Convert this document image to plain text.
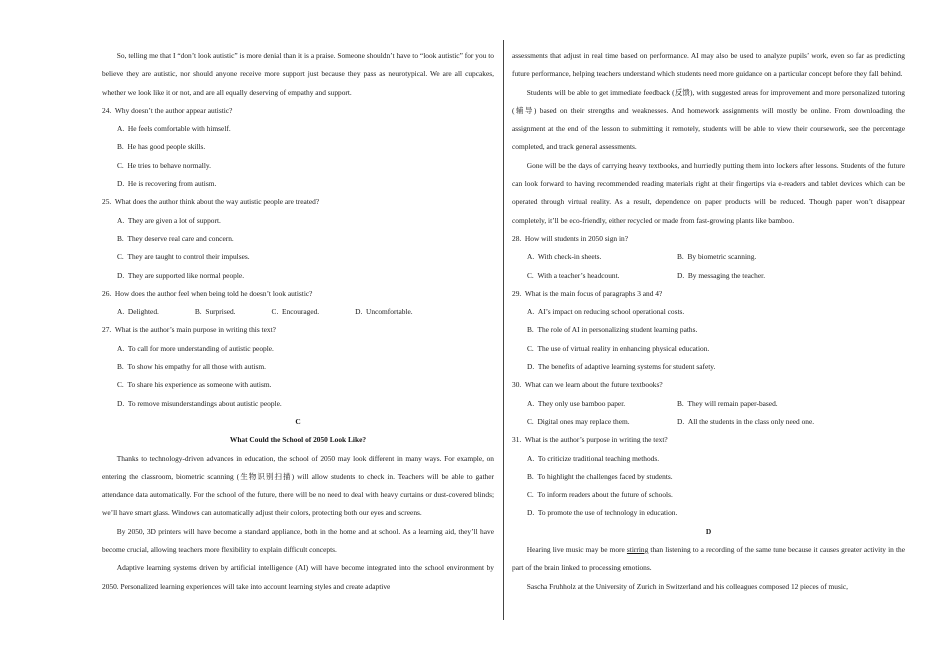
So, telling me that I “don’t look autistic” is more denial than it is a praise. Someone shouldn’t have to “look autistic” for you to believe they are autistic, nor should anyone receive more support just because they pass as neurotypical. We are all cupcakes, whether we look like it or not, and are all equally deserving of empathy and support.

24.  Why doesn’t the author appear autistic?

A.  He feels comfortable with himself.

B.  He has good people skills.

C.  He tries to behave normally.

D.  He is recovering from autism.

25.  What does the author think about the way autistic people are treated?

A.  They are given a lot of support.

B.  They deserve real care and concern.

C.  They are taught to control their impulses.

D.  They are supported like normal people.

26.  How does the author feel when being told he doesn’t look autistic?

A.  Delighted.	B.  Surprised.	C.  Encouraged.	D.  Uncomfortable.

27.  What is the author’s main purpose in writing this text?

A.  To call for more understanding of autistic people.

B.  To show his empathy for all those with autism.

C.  To share his experience as someone with autism.

D.  To remove misunderstandings about autistic people.

C

What Could the School of 2050 Look Like?

Thanks to technology-driven advances in education, the school of 2050 may look different in many ways. For example, on entering the classroom, biometric scanning (生物识别扫描) will allow students to check in. Teachers will be able to gather attendance data automatically. For the school of the future, there will be no need to deal with heavy curtains or dust-covered blinds; we’ll have smart glass. Windows can automatically adjust their colors, protecting both our eyes and screens.

By 2050, 3D printers will have become a standard appliance, both in the home and at school. As a learning aid, they’ll have become crucial, allowing teachers more flexibility to explain difficult concepts.

Adaptive learning systems driven by artificial intelligence (AI) will have become integrated into the school environment by 2050. Personalized learning experiences will take into account learning styles and create adaptive

assessments that adjust in real time based on performance. AI may also be used to analyze pupils’ work, even so far as predicting future performance, helping teachers understand which students need more guidance on a particular concept before they fall behind.

Students will be able to get immediate feedback (反馈), with suggested areas for improvement and more personalized tutoring (辅导) based on their strengths and weaknesses. And homework assignments will mostly be online. From downloading the assignment at the end of the lesson to submitting it remotely, students will be able to view their coursework, see the percentage completed, and track general assessments.

Gone will be the days of carrying heavy textbooks, and hurriedly putting them into lockers after lessons. Students of the future can look forward to having recommended reading materials right at their fingertips via e-readers and tablet devices which can be operated through virtual reality. As a result, dependence on paper products will be reduced. Though paper won’t disappear completely, it’ll be eco-friendly, either recycled or made from fast-growing plants like bamboo.

28.  How will students in 2050 sign in?

A.  With check-in sheets.	B.  By biometric scanning.
C.  With a teacher’s headcount.	D.  By messaging the teacher.

29.  What is the main focus of paragraphs 3 and 4?

A.  AI’s impact on reducing school operational costs.

B.  The role of AI in personalizing student learning paths.

C.  The use of virtual reality in enhancing physical education.

D.  The benefits of adaptive learning systems for student safety.

30.  What can we learn about the future textbooks?

A.  They only use bamboo paper.	B.  They will remain paper-based.
C.  Digital ones may replace them.	D.  All the students in the class only need one.

31.  What is the author’s purpose in writing the text?

A.  To criticize traditional teaching methods.

B.  To highlight the challenges faced by students.

C.  To inform readers about the future of schools.

D.  To promote the use of technology in education.

D

Hearing live music may be more stirring than listening to a recording of the same tune because it causes greater activity in the part of the brain linked to processing emotions.

Sascha Fruhholz at the University of Zurich in Switzerland and his colleagues composed 12 pieces of music,
